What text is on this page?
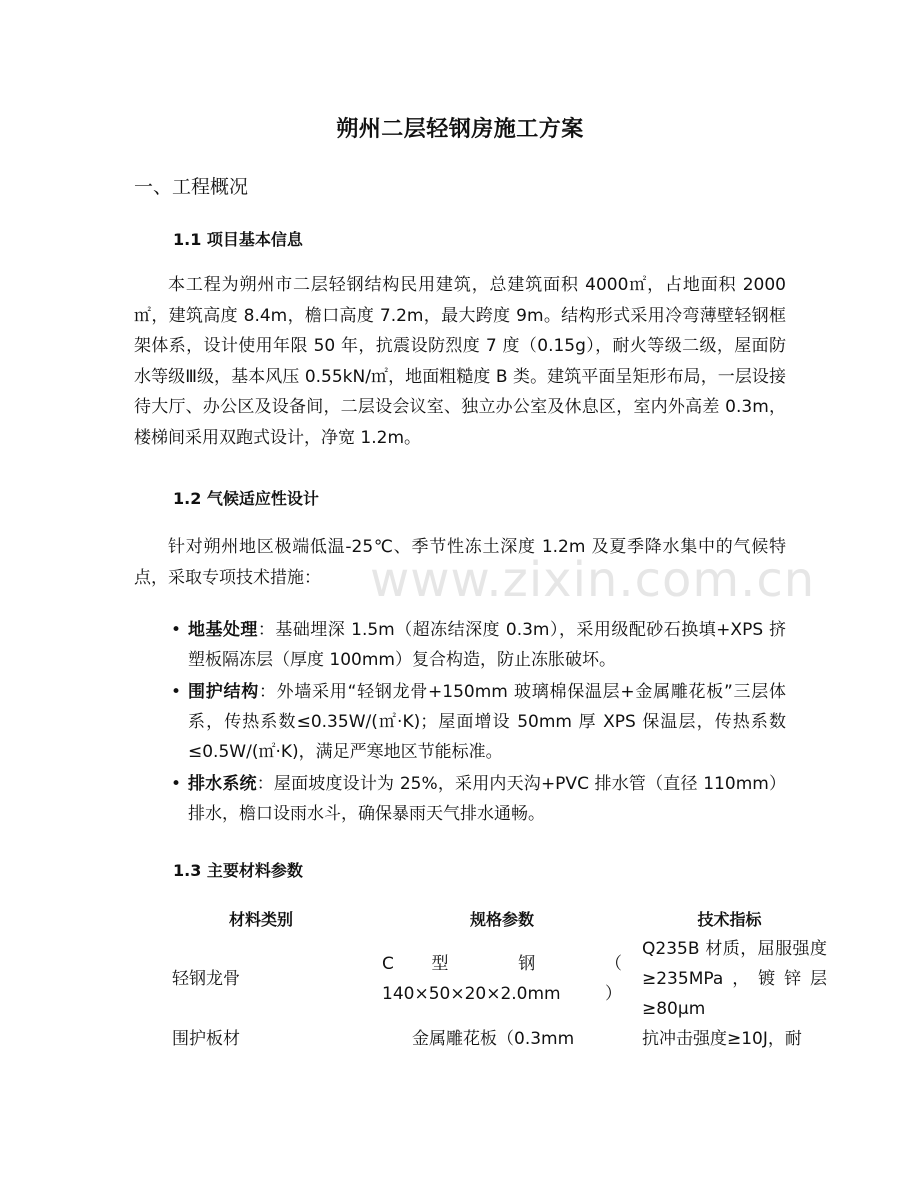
www.zixin.com.cn
朔州二层轻钢房施工方案
一、工程概况
1.1 项目基本信息
本工程为朔州市二层轻钢结构民用建筑，总建筑面积 4000㎡，占地面积 2000㎡，建筑高度 8.4m，檐口高度 7.2m，最大跨度 9m。结构形式采用冷弯薄壁轻钢框架体系，设计使用年限 50 年，抗震设防烈度 7 度（0.15g），耐火等级二级，屋面防水等级Ⅲ级，基本风压 0.55kN/㎡，地面粗糙度 B 类。建筑平面呈矩形布局，一层设接待大厅、办公区及设备间，二层设会议室、独立办公室及休息区，室内外高差 0.3m，楼梯间采用双跑式设计，净宽 1.2m。
1.2 气候适应性设计
针对朔州地区极端低温-25℃、季节性冻土深度 1.2m 及夏季降水集中的气候特点，采取专项技术措施：
• 地基处理：基础埋深 1.5m（超冻结深度 0.3m），采用级配砂石换填+XPS 挤塑板隔冻层（厚度 100mm）复合构造，防止冻胀破坏。
• 围护结构：外墙采用“轻钢龙骨+150mm 玻璃棉保温层+金属雕花板”三层体系，传热系数≤0.35W/(㎡·K)；屋面增设 50mm 厚 XPS 保温层，传热系数≤0.5W/(㎡·K)，满足严寒地区节能标准。
• 排水系统：屋面坡度设计为 25%，采用内天沟+PVC 排水管（直径 110mm）排水，檐口设雨水斗，确保暴雨天气排水通畅。
1.3 主要材料参数
材料类别	规格参数	技术指标
轻钢龙骨	C 型 钢 （ 140×50×20×2.0mm）	Q235B 材质，屈服强度 ≥235MPa，镀锌层 ≥80μm
围护板材	金属雕花板（0.3mm	抗冲击强度≥10J，耐
